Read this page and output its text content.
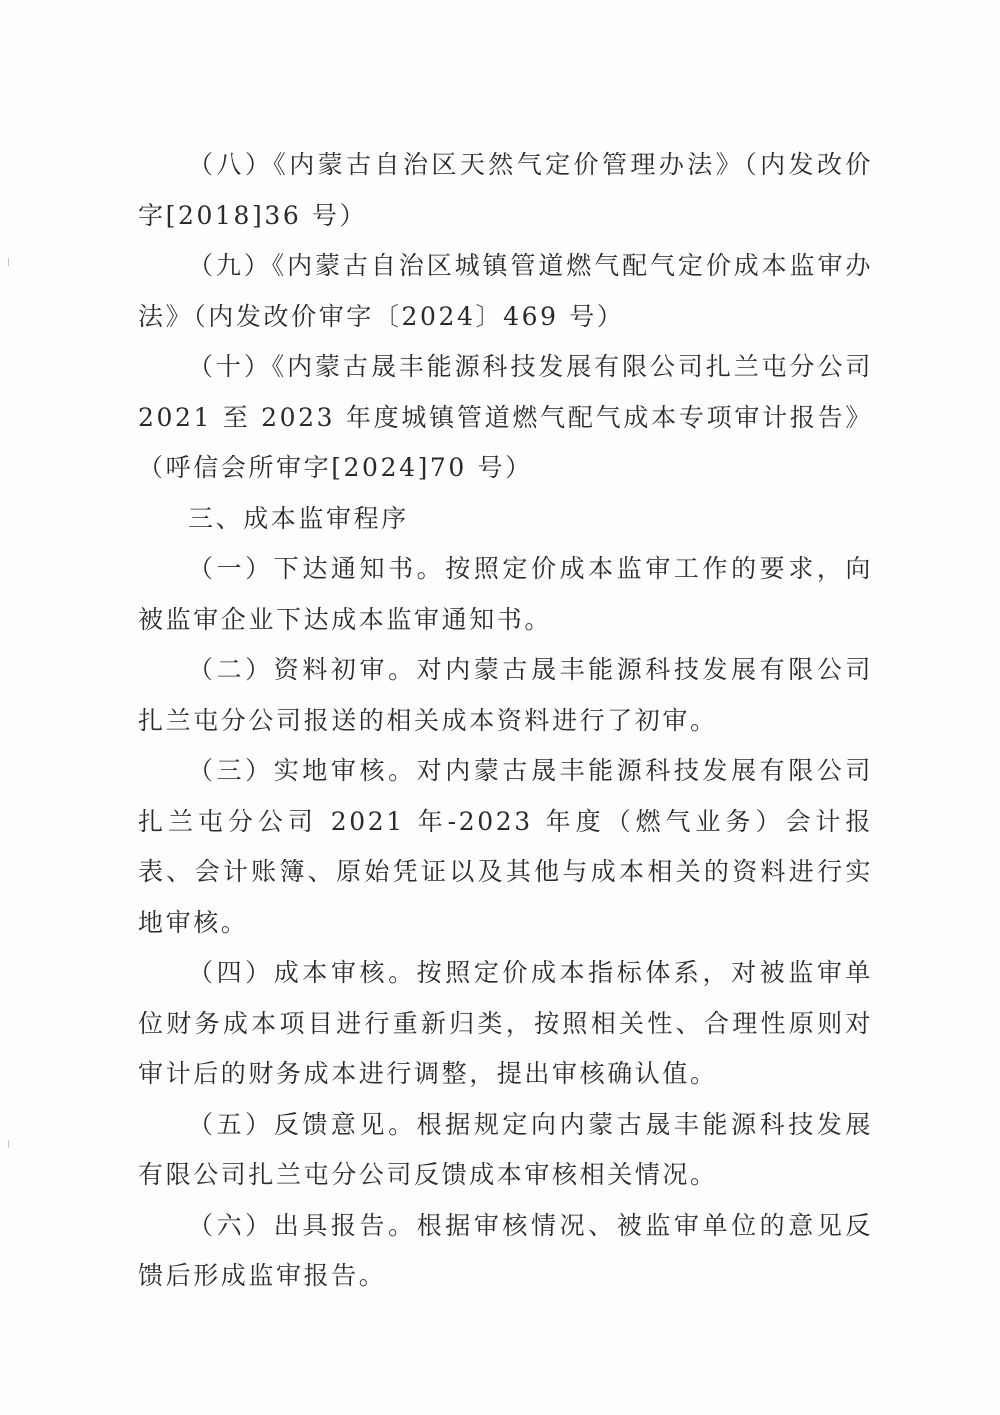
（八）《内蒙古自治区天然气定价管理办法》（内发改价字[2018]36 号）

（九）《内蒙古自治区城镇管道燃气配气定价成本监审办法》（内发改价审字〔2024〕469 号）

（十）《内蒙古晟丰能源科技发展有限公司扎兰屯分公司 2021 至 2023 年度城镇管道燃气配气成本专项审计报告》（呼信会所审字[2024]70 号）

三、成本监审程序

（一）下达通知书。按照定价成本监审工作的要求，向被监审企业下达成本监审通知书。

（二）资料初审。对内蒙古晟丰能源科技发展有限公司扎兰屯分公司报送的相关成本资料进行了初审。

（三）实地审核。对内蒙古晟丰能源科技发展有限公司扎兰屯分公司 2021 年-2023 年度（燃气业务）会计报表、会计账簿、原始凭证以及其他与成本相关的资料进行实地审核。

（四）成本审核。按照定价成本指标体系，对被监审单位财务成本项目进行重新归类，按照相关性、合理性原则对审计后的财务成本进行调整，提出审核确认值。

（五）反馈意见。根据规定向内蒙古晟丰能源科技发展有限公司扎兰屯分公司反馈成本审核相关情况。

（六）出具报告。根据审核情况、被监审单位的意见反馈后形成监审报告。
